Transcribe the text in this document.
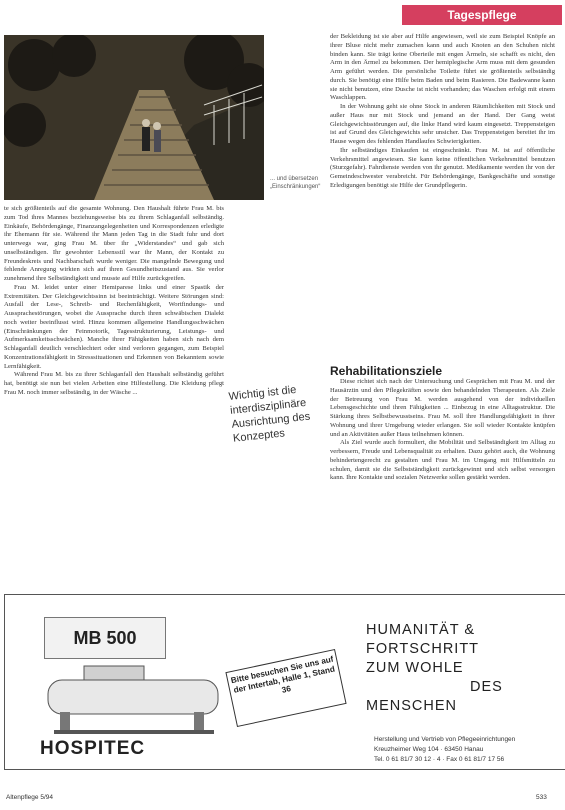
Tagespflege
... und übersetzen „Einschränkungen“

te sich größtenteils auf die gesamte Wohnung. Den Haushalt führte Frau M. bis zum Tod ihres Mannes beziehungsweise bis zu ihrem Schlaganfall selbständig. Einkäufe, Behördengänge, Finanzangelegenheiten und Korrespondenzen erledigte ihr Ehemann für sie. Während ihr Mann jeden Tag in die Stadt fuhr und dort unterwegs war, ging Frau M. über ihr „Widerstandes“ und gab sich unselbständigen. Ihr gewohnter Lebensstil war ihr Mann, der Kontakt zu Freundeskreis und Nachbarschaft wurde weniger. Die mangelnde Bewegung und fehlende Anregung wirkten sich auf ihren Gesundheitszustand aus. Sie verlor zunehmend ihre Selbständigkeit und musste auf Hilfe zurückgreifen.

Frau M. leidet unter einer Hemiparese links und einer Spastik der Extremitäten. Der Gleichgewichtssinn ist beeinträchtigt. Weitere Störungen sind: Ausfall der Lese-, Schreib- und Rechenfähigkeit, Wortfindungs- und Aussprachestörungen, wobei die Aussprache durch ihren schwäbischen Dialekt noch weiter beeinflusst wird. Hinzu kommen allgemeine Handlungsschwächen (Einschränkungen der Feinmotorik, Tagesstrukturierung, Leistungs- und Aufmerksamkeitsschwächen). Manche ihrer Fähigkeiten haben sich nach dem Schlaganfall deutlich verschlechtert oder sind verloren gegangen, zum Beispiel Konzentrationsfähigkeit in Stresssituationen und Erkennen von Bekanntem sowie Lernfähigkeit.

Während Frau M. bis zu ihrer Schlaganfall den Haushalt selbständig geführt hat, benötigt sie nun bei vielen Arbeiten eine Hilfestellung. Die Kleidung pflegt Frau M. noch immer selbständig, in der Wäsche ...

der Bekleidung ist sie aber auf Hilfe angewiesen, weil sie zum Beispiel Knöpfe an ihrer Bluse nicht mehr zumachen kann und auch Knoten an den Schuhen nicht binden kann. Sie trägt keine Oberteile mit engen Ärmeln, sie schafft es nicht, den Arm in den Ärmel zu bekommen. Der hemiplegische Arm muss mit dem gesunden Arm geführt werden. Die persönliche Toilette führt sie größtenteils selbständig durch. Sie benötigt eine Hilfe beim Baden und beim Rasieren. Die Badewanne kann sie nicht benutzen, eine Dusche ist nicht vorhanden; das Waschen erfolgt mit einem Waschlappen.

In der Wohnung geht sie ohne Stock in anderen Räumlichkeiten mit Stock und außer Haus nur mit Stock und jemand an der Hand. Der Gang weist Gleichgewichtsstörungen auf, die linke Hand wird kaum eingesetzt. Treppensteigen ist auf Grund des Gleichgewichts sehr unsicher. Das Treppensteigen bereitet ihr im Hause wegen des fehlenden Handlaufes Schwierigkeiten.

Ihr selbständiges Einkaufen ist eingeschränkt. Frau M. ist auf öffentliche Verkehrsmittel angewiesen. Sie kann keine öffentlichen Verkehrsmittel benutzen (Sturzgefahr). Fahrdienste werden von ihr genutzt. Medikamente werden ihr von der Gemeindeschwester verabreicht. Für Behördengänge, Bankgeschäfte und sonstige Erledigungen benötigt sie Hilfe der Grundpflegerin.

Rehabilitationsziele

Diese richtet sich nach der Untersuchung und Gesprächen mit Frau M. und der Hausärztin und den Pflegekräften sowie den behandelnden Therapeuten. Als Ziele der Betreuung von Frau M. werden ausgehend von der individuellen Lebensgeschichte und ihren Fähigkeiten ... Einbezug in eine Alltagsstruktur. Die Stärkung ihres Selbstbewusstseins. Frau M. soll ihre Handlungsfähigkeit in ihrer Wohnung und ihrer Umgebung wieder erlangen. Sie soll wieder Kontakte knüpfen und an Aktivitäten außer Haus teilnehmen können.

Als Ziel wurde auch formuliert, die Mobilität und Selbständigkeit im Alltag zu verbessern, Freude und Lebensqualität zu erhalten. Dazu gehört auch, die Wohnung behindertengerecht zu gestalten und Frau M. im Umgang mit Hilfsmitteln zu schulen, damit sie die Selbstständigkeit zurückgewinnt und sich selbst versorgen kann. Ihre Kontakte und sozialen Netzwerke sollen gestärkt werden.

Wichtig ist die interdisziplinäre Ausrichtung des Konzeptes
MB 500	HUMANITÄT &
FORTSCHRITT
ZUM WOHLE
DES
MENSCHEN
Bitte besuchen Sie uns auf der Intertab, Halle 1, Stand 36
HOSPITEC	Herstellung und Vertrieb von Pflegeeinrichtungen
Kreuzheimer Weg 104 · 63450 Hanau
Tel. 0 61 81/7 30 12 · 4 · Fax 0 61 81/7 17 56
Altenpflege 5/94	533
